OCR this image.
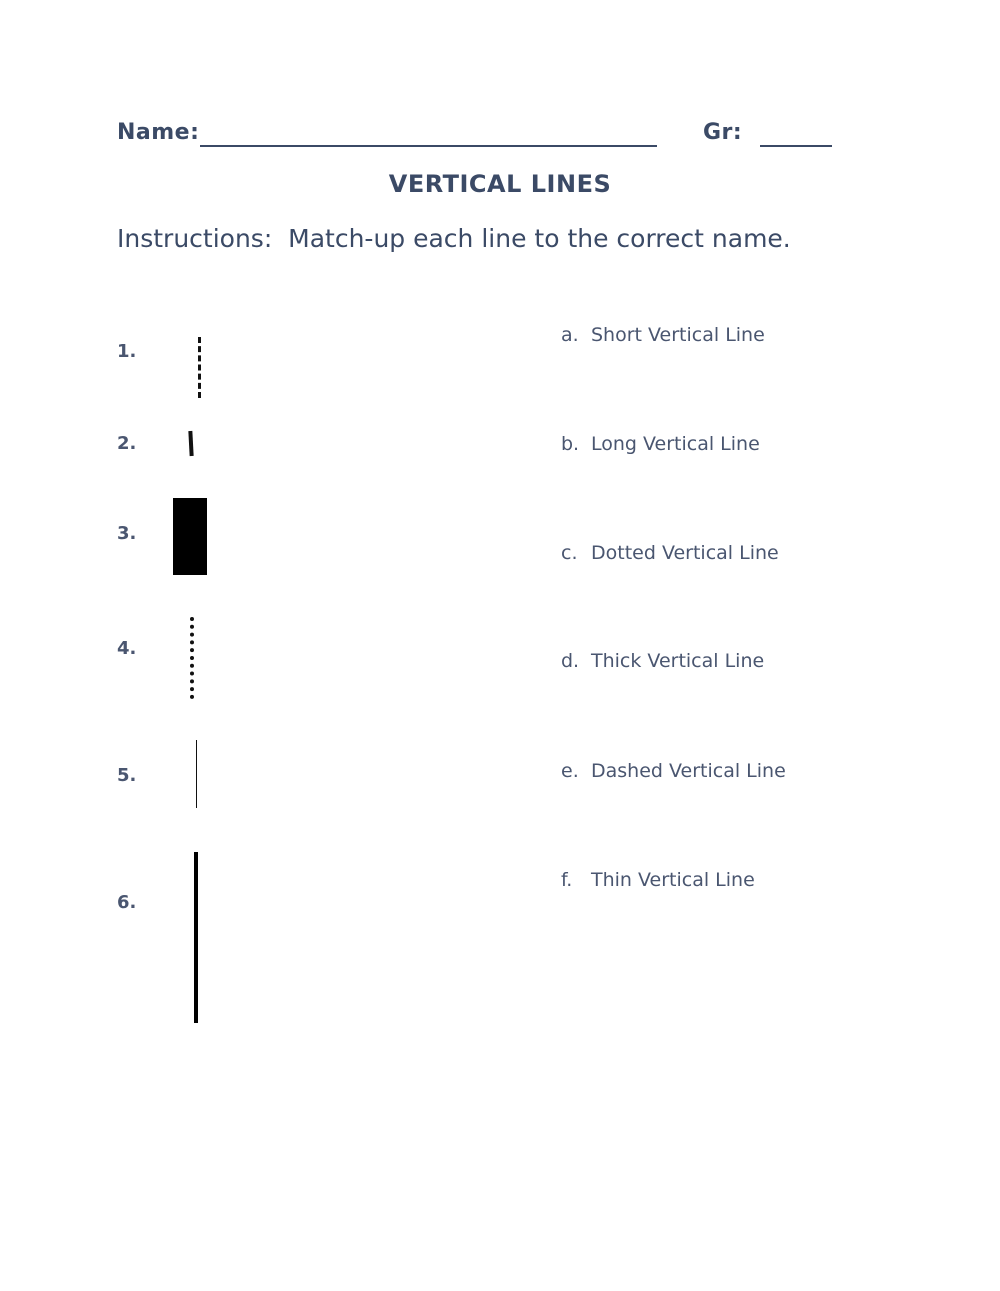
Name:	Gr:
VERTICAL LINES
Instructions:  Match-up each line to the correct name.
1.
2.
3.
4.
5.
6.
a. Short Vertical Line
b. Long Vertical Line
c. Dotted Vertical Line
d. Thick Vertical Line
e. Dashed Vertical Line
f. Thin Vertical Line
